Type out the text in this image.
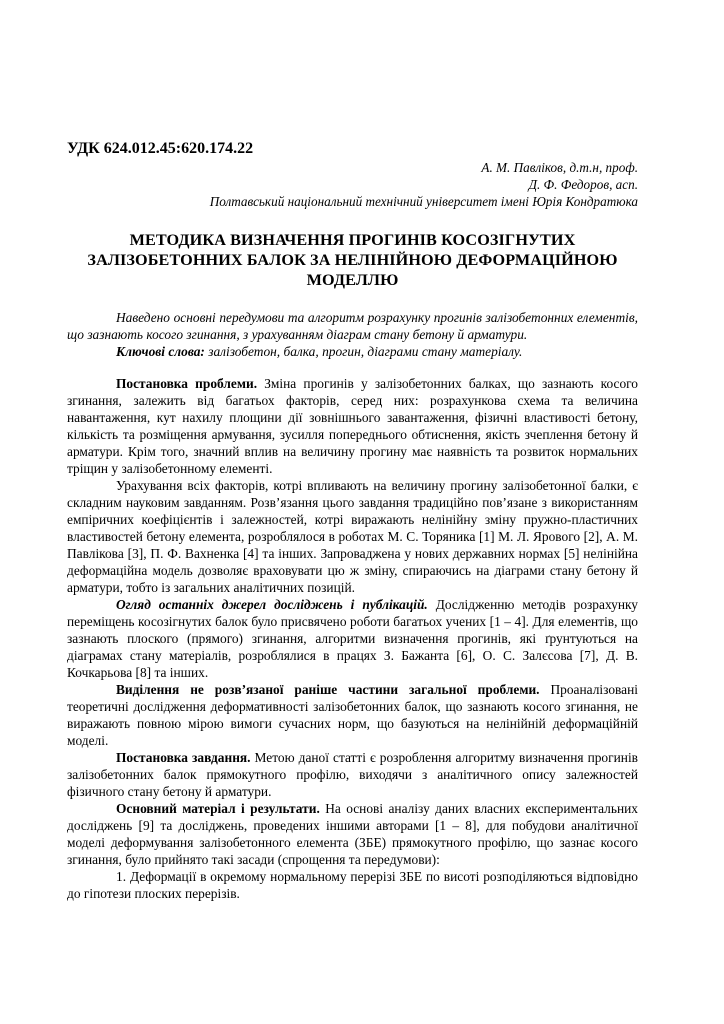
УДК 624.012.45:620.174.22
А. М. Павліков, д.т.н, проф.
Д. Ф. Федоров, асп.
Полтавський національний технічний університет імені Юрія Кондратюка
МЕТОДИКА ВИЗНАЧЕННЯ ПРОГИНІВ КОСОЗІГНУТИХ
ЗАЛІЗОБЕТОННИХ БАЛОК ЗА НЕЛІНІЙНОЮ ДЕФОРМАЦІЙНОЮ
МОДЕЛЛЮ

Наведено основні передумови та алгоритм розрахунку прогинів залізобетонних елементів, що зазнають косого згинання, з урахуванням діаграм стану бетону й арматури.

Ключові слова: залізобетон, балка, прогин, діаграми стану матеріалу.

Постановка проблеми. Зміна прогинів у залізобетонних балках, що зазнають косого згинання, залежить від багатьох факторів, серед них: розрахункова схема та величина навантаження, кут нахилу площини дії зовнішнього завантаження, фізичні властивості бетону, кількість та розміщення армування, зусилля попереднього обтиснення, якість зчеплення бетону й арматури. Крім того, значний вплив на величину прогину має наявність та розвиток нормальних тріщин у залізобетонному елементі.

Урахування всіх факторів, котрі впливають на величину прогину залізобетонної балки, є складним науковим завданням. Розв’язання цього завдання традиційно пов’язане з використанням емпіричних коефіцієнтів і залежностей, котрі виражають нелінійну зміну пружно-пластичних властивостей бетону елемента, розроблялося в роботах М. С. Торяника [1] М. Л. Ярового [2], А. М. Павлікова [3], П. Ф. Вахненка [4] та інших. Запроваджена у нових державних нормах [5] нелінійна деформаційна модель дозволяє враховувати цю ж зміну, спираючись на діаграми стану бетону й арматури, тобто із загальних аналітичних позицій.

Огляд останніх джерел досліджень і публікацій. Дослідженню методів розрахунку переміщень косозігнутих балок було присвячено роботи багатьох учених [1 – 4]. Для елементів, що зазнають плоского (прямого) згинання, алгоритми визначення прогинів, які ґрунтуються на діаграмах стану матеріалів, розроблялися в працях З. Бажанта [6], О. С. Залєсова [7], Д. В. Кочкарьова [8] та інших.

Виділення не розв’язаної раніше частини загальної проблеми. Проаналізовані теоретичні дослідження деформативності залізобетонних балок, що зазнають косого згинання, не виражають повною мірою вимоги сучасних норм, що базуються на нелінійній деформаційній моделі.

Постановка завдання. Метою даної статті є розроблення алгоритму визначення прогинів залізобетонних балок прямокутного профілю, виходячи з аналітичного опису залежностей фізичного стану бетону й арматури.

Основний матеріал і результати. На основі аналізу даних власних експериментальних досліджень [9] та досліджень, проведених іншими авторами [1 – 8], для побудови аналітичної моделі деформування залізобетонного елемента (ЗБЕ) прямокутного профілю, що зазнає косого згинання, було прийнято такі засади (спрощення та передумови):

1. Деформації в окремому нормальному перерізі ЗБЕ по висоті розподіляються відповідно до гіпотези плоских перерізів.
